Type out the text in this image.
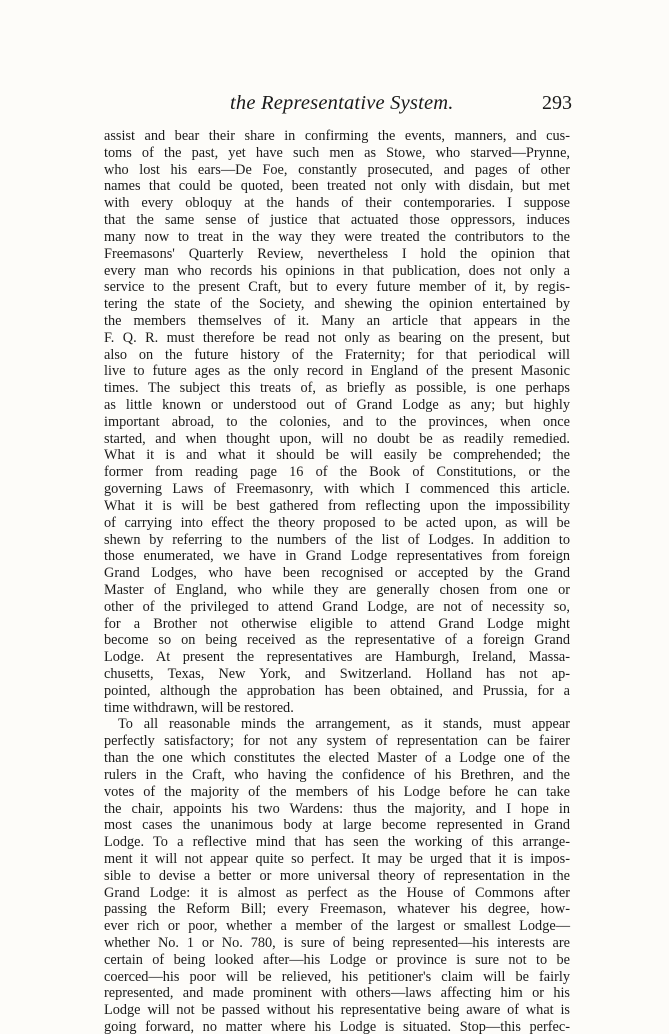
the Representative System.	293
assist and bear their share in confirming the events, manners, and cus-
toms of the past, yet have such men as Stowe, who starved—Prynne,
who lost his ears—De Foe, constantly prosecuted, and pages of other
names that could be quoted, been treated not only with disdain, but met
with every obloquy at the hands of their contemporaries. I suppose
that the same sense of justice that actuated those oppressors, induces
many now to treat in the way they were treated the contributors to the
Freemasons' Quarterly Review, nevertheless I hold the opinion that
every man who records his opinions in that publication, does not only a
service to the present Craft, but to every future member of it, by regis-
tering the state of the Society, and shewing the opinion entertained by
the members themselves of it. Many an article that appears in the
F. Q. R. must therefore be read not only as bearing on the present, but
also on the future history of the Fraternity; for that periodical will
live to future ages as the only record in England of the present Masonic
times. The subject this treats of, as briefly as possible, is one perhaps
as little known or understood out of Grand Lodge as any; but highly
important abroad, to the colonies, and to the provinces, when once
started, and when thought upon, will no doubt be as readily remedied.
What it is and what it should be will easily be comprehended; the
former from reading page 16 of the Book of Constitutions, or the
governing Laws of Freemasonry, with which I commenced this article.
What it is will be best gathered from reflecting upon the impossibility
of carrying into effect the theory proposed to be acted upon, as will be
shewn by referring to the numbers of the list of Lodges. In addition to
those enumerated, we have in Grand Lodge representatives from foreign
Grand Lodges, who have been recognised or accepted by the Grand
Master of England, who while they are generally chosen from one or
other of the privileged to attend Grand Lodge, are not of necessity so,
for a Brother not otherwise eligible to attend Grand Lodge might
become so on being received as the representative of a foreign Grand
Lodge. At present the representatives are Hamburgh, Ireland, Massa-
chusetts, Texas, New York, and Switzerland. Holland has not ap-
pointed, although the approbation has been obtained, and Prussia, for a
time withdrawn, will be restored.
To all reasonable minds the arrangement, as it stands, must appear
perfectly satisfactory; for not any system of representation can be fairer
than the one which constitutes the elected Master of a Lodge one of the
rulers in the Craft, who having the confidence of his Brethren, and the
votes of the majority of the members of his Lodge before he can take
the chair, appoints his two Wardens: thus the majority, and I hope in
most cases the unanimous body at large become represented in Grand
Lodge. To a reflective mind that has seen the working of this arrange-
ment it will not appear quite so perfect. It may be urged that it is impos-
sible to devise a better or more universal theory of representation in the
Grand Lodge: it is almost as perfect as the House of Commons after
passing the Reform Bill; every Freemason, whatever his degree, how-
ever rich or poor, whether a member of the largest or smallest Lodge—
whether No. 1 or No. 780, is sure of being represented—his interests are
certain of being looked after—his Lodge or province is sure not to be
coerced—his poor will be relieved, his petitioner's claim will be fairly
represented, and made prominent with others—laws affecting him or his
Lodge will not be passed without his representative being aware of what is
going forward, no matter where his Lodge is situated. Stop—this perfec-
